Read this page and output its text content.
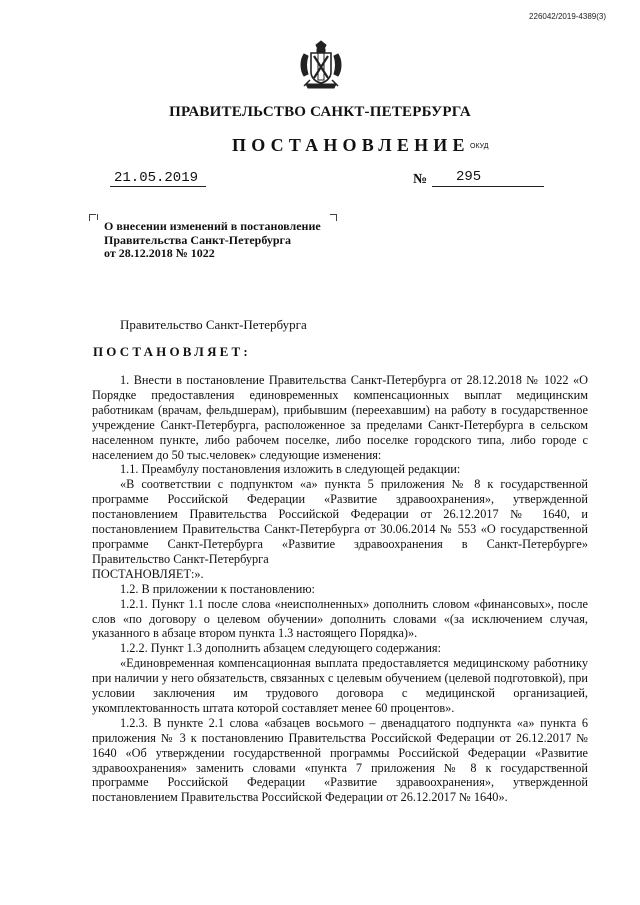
226042/2019-4389(3)
ПРАВИТЕЛЬСТВО САНКТ-ПЕТЕРБУРГА
ПОСТАНОВЛЕНИЕ ОКУД
21.05.2019	№ 295
О внесении изменений в постановление
Правительства Санкт-Петербурга
от 28.12.2018 № 1022
Правительство Санкт-Петербурга
ПОСТАНОВЛЯЕТ:

1. Внести в постановление Правительства Санкт-Петербурга от 28.12.2018 № 1022 «О Порядке предоставления единовременных компенсационных выплат медицинским работникам (врачам, фельдшерам), прибывшим (переехавшим) на работу в государственное учреждение Санкт-Петербурга, расположенное за пределами Санкт-Петербурга в сельском населенном пункте, либо рабочем поселке, либо поселке городского типа, либо городе с населением до 50 тыс.человек» следующие изменения:

1.1. Преамбулу постановления изложить в следующей редакции:

«В соответствии с подпунктом «а» пункта 5 приложения № 8 к государственной программе Российской Федерации «Развитие здравоохранения», утвержденной постановлением Правительства Российской Федерации от 26.12.2017 № 1640, и постановлением Правительства Санкт-Петербурга от 30.06.2014 № 553 «О государственной программе Санкт-Петербурга «Развитие здравоохранения в Санкт-Петербурге» Правительство Санкт-Петербурга

ПОСТАНОВЛЯЕТ:».

1.2. В приложении к постановлению:

1.2.1. Пункт 1.1 после слова «неисполненных» дополнить словом «финансовых», после слов «по договору о целевом обучении» дополнить словами «(за исключением случая, указанного в абзаце втором пункта 1.3 настоящего Порядка)».

1.2.2. Пункт 1.3 дополнить абзацем следующего содержания:

«Единовременная компенсационная выплата предоставляется медицинскому работнику при наличии у него обязательств, связанных с целевым обучением (целевой подготовкой), при условии заключения им трудового договора с медицинской организацией, укомплектованность штата которой составляет менее 60 процентов».

1.2.3. В пункте 2.1 слова «абзацев восьмого – двенадцатого подпункта «а» пункта 6 приложения № 3 к постановлению Правительства Российской Федерации от 26.12.2017 № 1640 «Об утверждении государственной программы Российской Федерации «Развитие здравоохранения» заменить словами «пункта 7 приложения № 8 к государственной программе Российской Федерации «Развитие здравоохранения», утвержденной постановлением Правительства Российской Федерации от 26.12.2017 № 1640».
